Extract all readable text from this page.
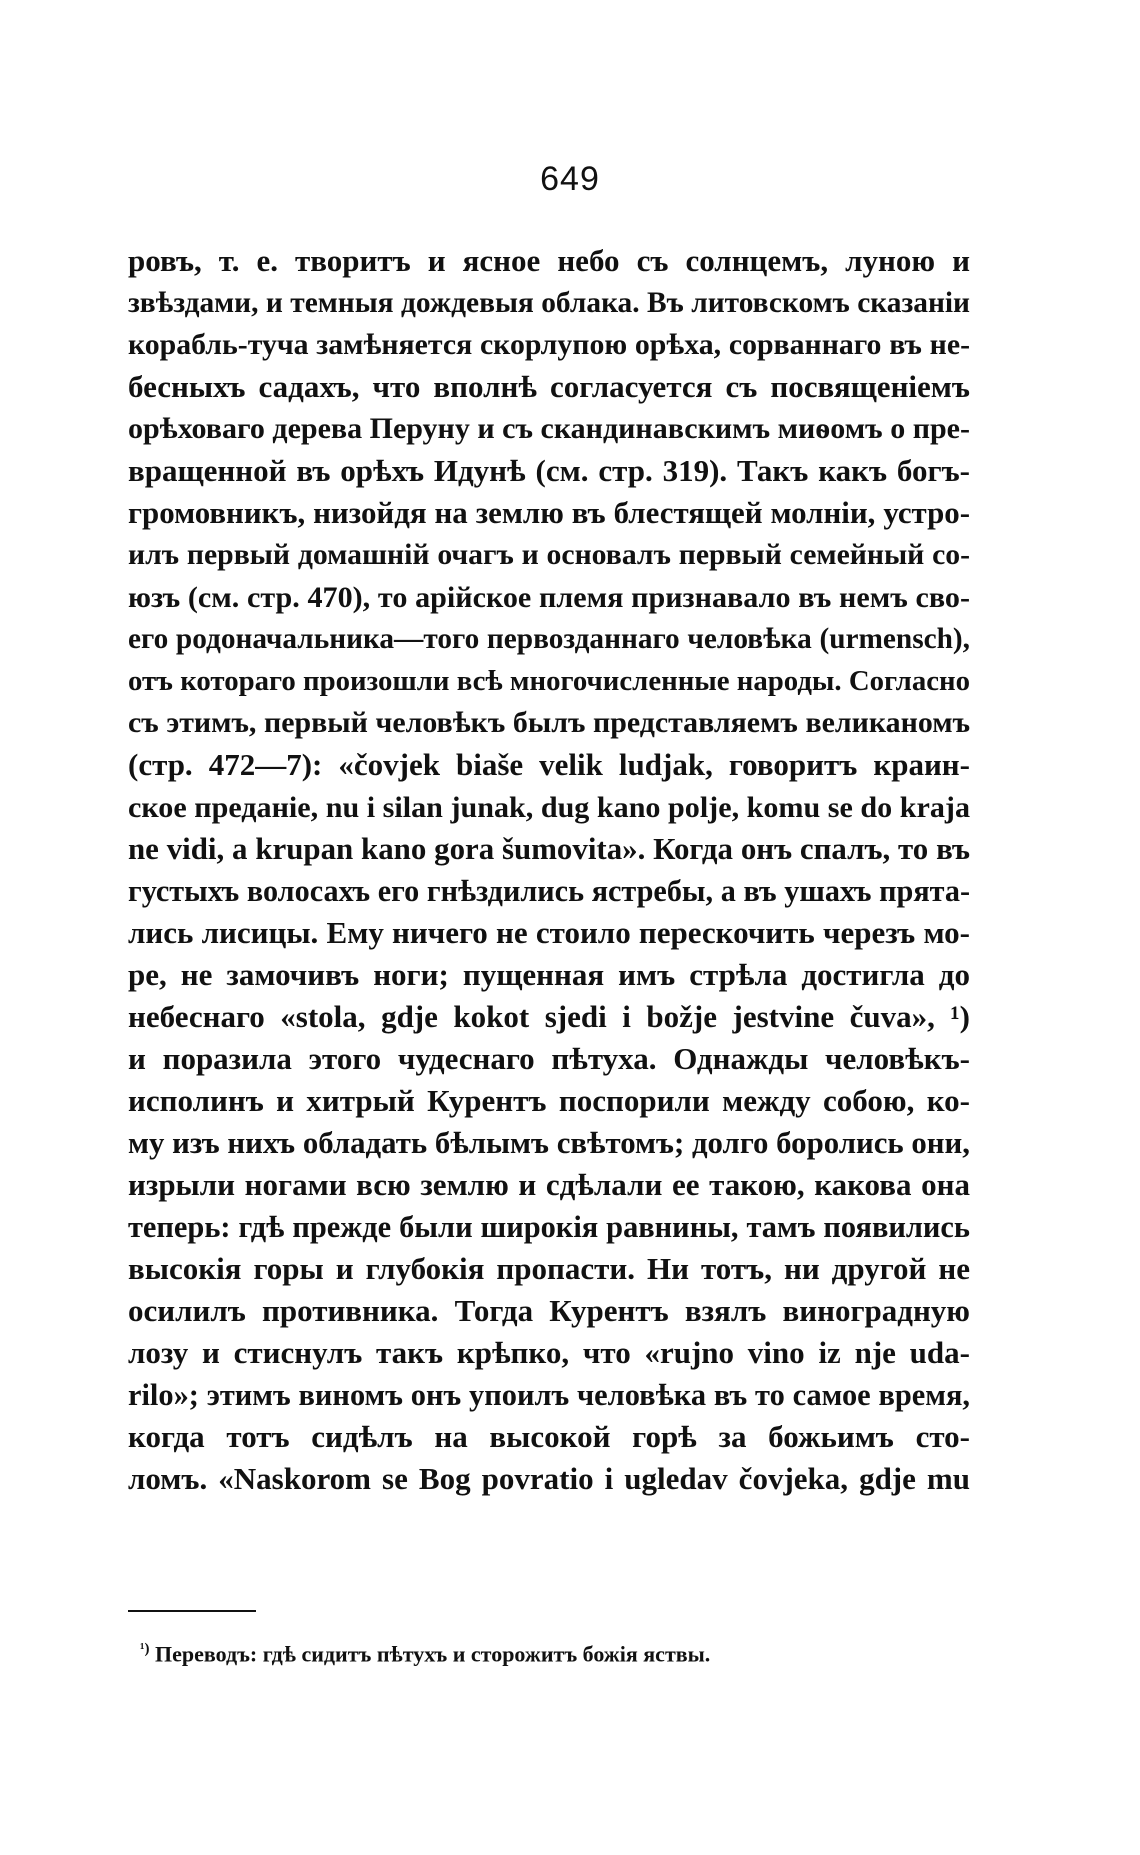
649
ровъ, т. е. творитъ и ясное небо съ солнцемъ, луною и
звѣздами, и темныя дождевыя облака. Въ литовскомъ сказаніи
корабль-туча замѣняется скорлупою орѣха, сорваннаго въ не-
бесныхъ садахъ, что вполнѣ согласуется съ посвященіемъ
орѣховаго дерева Перуну и съ скандинавскимъ миѳомъ о пре-
вращенной въ орѣхъ Идунѣ (см. стр. 319). Такъ какъ богъ-
громовникъ, низойдя на землю въ блестящей молніи, устро-
илъ первый домашній очагъ и основалъ первый семейный со-
юзъ (см. стр. 470), то арійское племя признавало въ немъ сво-
его родоначальника—того первозданнаго человѣка (urmensch),
отъ котораго произошли всѣ многочисленные народы. Согласно
съ этимъ, первый человѣкъ былъ представляемъ великаномъ
(стр. 472—7): «čovjek biaše velik ludjak, говоритъ краин-
ское преданіе, nu i silan junak, dug kano polje, komu se do kraja
ne vidi, a krupan kano gora šumovita». Когда онъ спалъ, то въ
густыхъ волосахъ его гнѣздились ястребы, а въ ушахъ прята-
лись лисицы. Ему ничего не стоило перескочить черезъ мо-
ре, не замочивъ ноги; пущенная имъ стрѣла достигла до
небеснаго «stola, gdje kokot sjedi i božje jestvine čuva», ¹)
и поразила этого чудеснаго пѣтуха. Однажды человѣкъ-
исполинъ и хитрый Курентъ поспорили между собою, ко-
му изъ нихъ обладать бѣлымъ свѣтомъ; долго боролись они,
изрыли ногами всю землю и сдѣлали ее такою, какова она
теперь: гдѣ прежде были широкія равнины, тамъ появились
высокія горы и глубокія пропасти. Ни тотъ, ни другой не
осилилъ противника. Тогда Курентъ взялъ виноградную
лозу и стиснулъ такъ крѣпко, что «rujno vino iz nje uda-
rilo»; этимъ виномъ онъ упоилъ человѣка въ то самое время,
когда тотъ сидѣлъ на высокой горѣ за божьимъ сто-
ломъ. «Naskorom se Bog povratio i ugledav čovjeka, gdje mu
$^{^1)}$ Переводъ: гдѣ сидитъ пѣтухъ и сторожитъ божія яствы.
